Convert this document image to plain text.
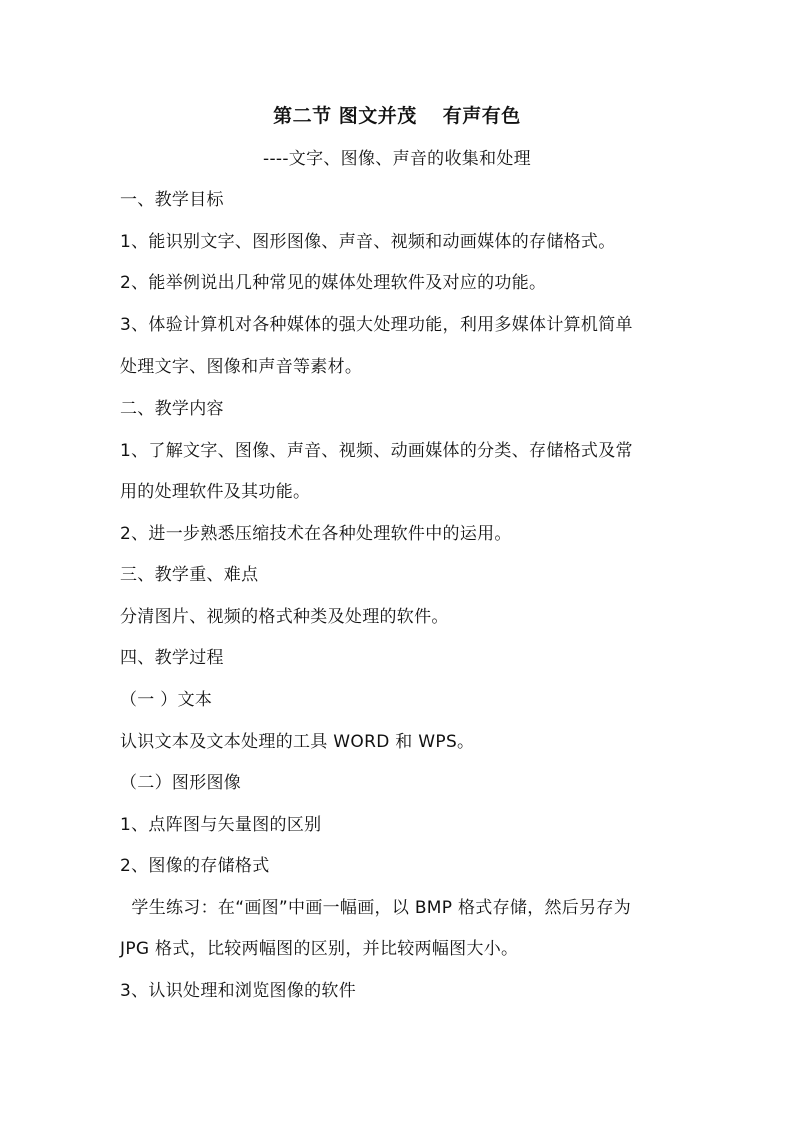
第二节 图文并茂 有声有色
----文字、图像、声音的收集和处理
一、教学目标
1、能识别文字、图形图像、声音、视频和动画媒体的存储格式。
2、能举例说出几种常见的媒体处理软件及对应的功能。
3、体验计算机对各种媒体的强大处理功能，利用多媒体计算机简单
处理文字、图像和声音等素材。
二、教学内容
1、了解文字、图像、声音、视频、动画媒体的分类、存储格式及常
用的处理软件及其功能。
2、进一步熟悉压缩技术在各种处理软件中的运用。
三、教学重、难点
分清图片、视频的格式种类及处理的软件。
四、教学过程
（一 ）文本
认识文本及文本处理的工具 WORD 和 WPS。
（二）图形图像
1、点阵图与矢量图的区别
2、图像的存储格式
学生练习：在“画图”中画一幅画，以 BMP 格式存储，然后另存为
JPG 格式，比较两幅图的区别，并比较两幅图大小。
3、认识处理和浏览图像的软件
